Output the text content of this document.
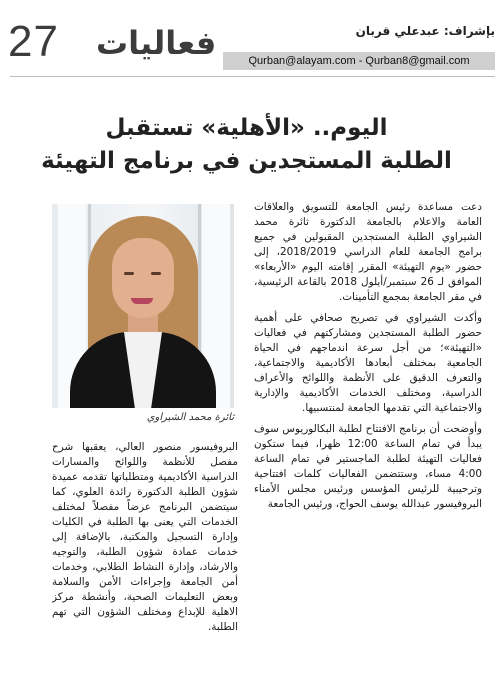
27 فعاليات	بإشراف: عبدعلي قربان
Qurban@alayam.com - Qurban8@gmail.com
اليوم.. «الأهلية» تستقبل
الطلبة المستجدين في برنامج التهيئة

دعت مساعدة رئيس الجامعة للتسويق والعلاقات العامة والاعلام بالجامعة الدكتورة ثائرة محمد الشيراوي الطلبة المستجدين المقبولين في جميع برامج الجامعة للعام الدراسي 2018/2019، إلى حضور «يوم التهيئة» المقرر إقامته اليوم «الأربعاء» الموافق لـ 26 سبتمبر/أيلول 2018 بالقاعة الرئيسية، في مقر الجامعة بمجمع التأمينات.

وأكدت الشيراوي في تصريح صحافي على أهمية حضور الطلبة المستجدين ومشاركتهم في فعاليات «التهيئة»؛ من أجل سرعة اندماجهم في الحياة الجامعية بمختلف أبعادها الأكاديمية والاجتماعية، والتعرف الدقيق على الأنظمة واللوائح والأعراف الدراسية، ومختلف الخدمات الأكاديمية والإدارية والاجتماعية التي تقدمها الجامعة لمنتسبيها.

وأوضحت أن برنامج الافتتاح لطلبة البكالوريوس سوف يبدأ في تمام الساعة 12:00 ظهرا، فيما ستكون فعاليات التهيئة لطلبة الماجستير في تمام الساعة 4:00 مساء، وستتضمن الفعاليات كلمات افتتاحية وترحيبية للرئيس المؤسس ورئيس مجلس الأمناء البروفيسور عبدالله يوسف الحواج، ورئيس الجامعة

ثائرة محمد الشيراوي

البروفيسور منصور العالي، يعقبها شرح مفصل للأنظمة واللوائح والمسارات الدراسية الأكاديمية ومتطلباتها تقدمه عميدة شؤون الطلبة الدكتورة رائدة العلوي، كما سيتضمن البرنامج عرضاً مفصلاً لمختلف الخدمات التي يعنى بها الطلبة في الكليات وإدارة التسجيل والمكتبة، بالإضافة إلى خدمات عمادة شؤون الطلبة، والتوجيه والارشاد، وإدارة النشاط الطلابي، وخدمات أمن الجامعة وإجراءات الأمن والسلامة وبعض التعليمات الصحية، وأنشطة مركز الاهلية للإبداع ومختلف الشؤون التي تهم الطلبة.
